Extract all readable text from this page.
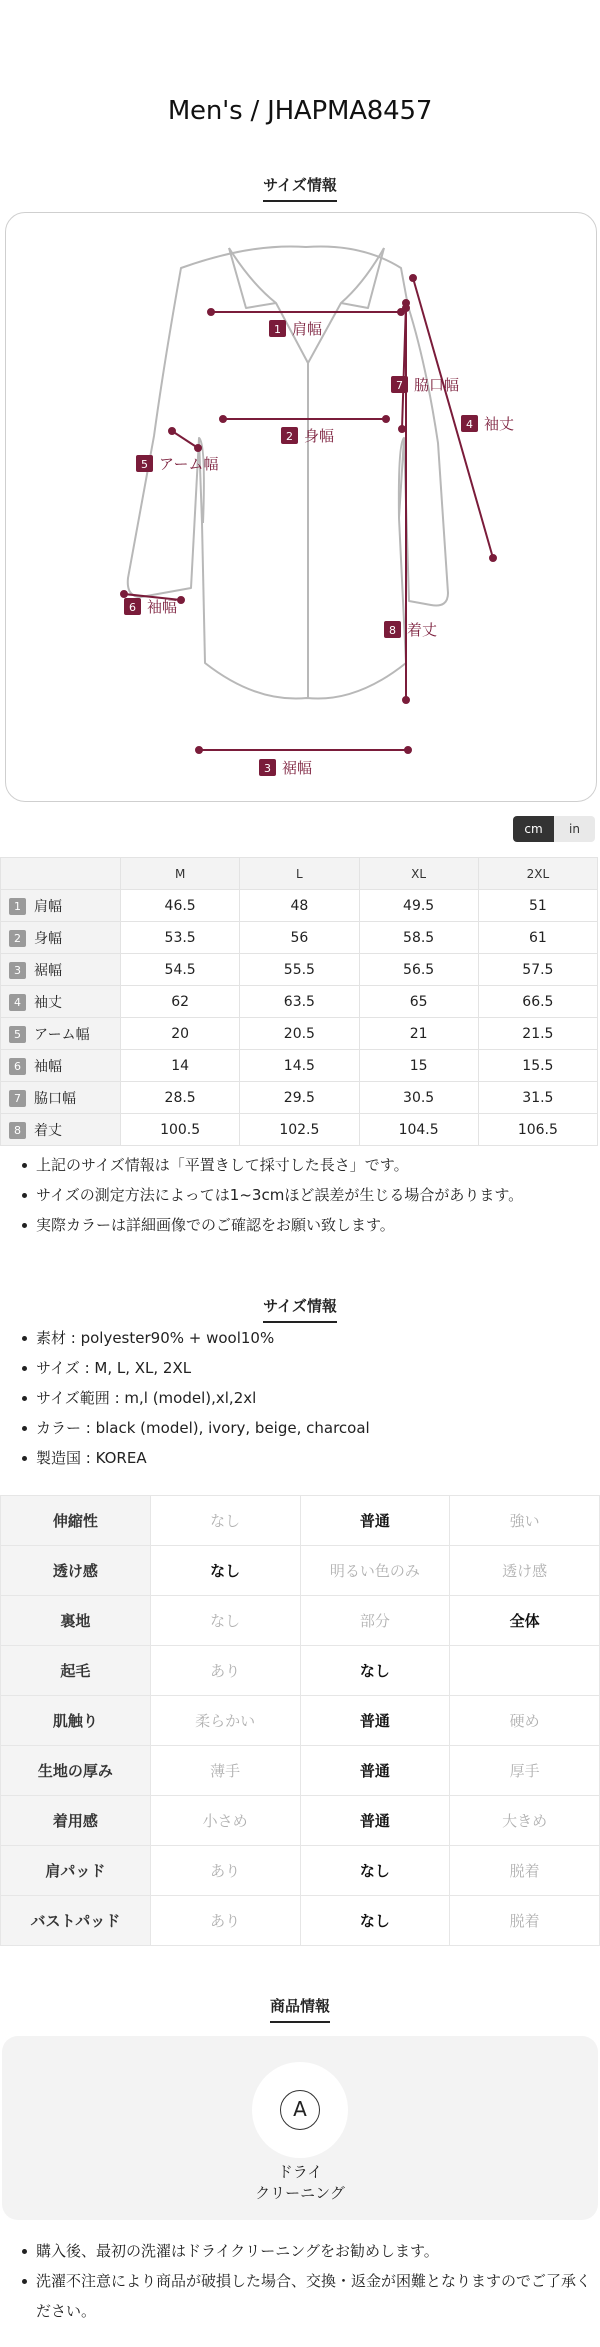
Men's / JHAPMA8457
サイズ情報
1 肩幅
2 身幅
3 裾幅
4 袖丈
5 アーム幅
6 袖幅
7 脇口幅
8 着丈
cm	in
	M	L	XL	2XL
1 肩幅	46.5	48	49.5	51
2 身幅	53.5	56	58.5	61
3 裾幅	54.5	55.5	56.5	57.5
4 袖丈	62	63.5	65	66.5
5 アーム幅	20	20.5	21	21.5
6 袖幅	14	14.5	15	15.5
7 脇口幅	28.5	29.5	30.5	31.5
8 着丈	100.5	102.5	104.5	106.5
上記のサイズ情報は「平置きして採寸した長さ」です。
サイズの測定方法によっては1~3cmほど誤差が生じる場合があります。
実際カラーは詳細画像でのご確認をお願い致します。
サイズ情報
素材 : polyester90% + wool10%
サイズ : M, L, XL, 2XL
サイズ範囲 : m,l (model),xl,2xl
カラー : black (model), ivory, beige, charcoal
製造国 : KOREA
伸縮性	なし	普通	強い
透け感	なし	明るい色のみ	透け感
裏地	なし	部分	全体
起毛	あり	なし	
肌触り	柔らかい	普通	硬め
生地の厚み	薄手	普通	厚手
着用感	小さめ	普通	大きめ
肩パッド	あり	なし	脱着
バストパッド	あり	なし	脱着
商品情報
A
ドライ
クリーニング
購入後、最初の洗濯はドライクリーニングをお勧めします。
洗濯不注意により商品が破損した場合、交換・返金が困難となりますのでご了承ください。
